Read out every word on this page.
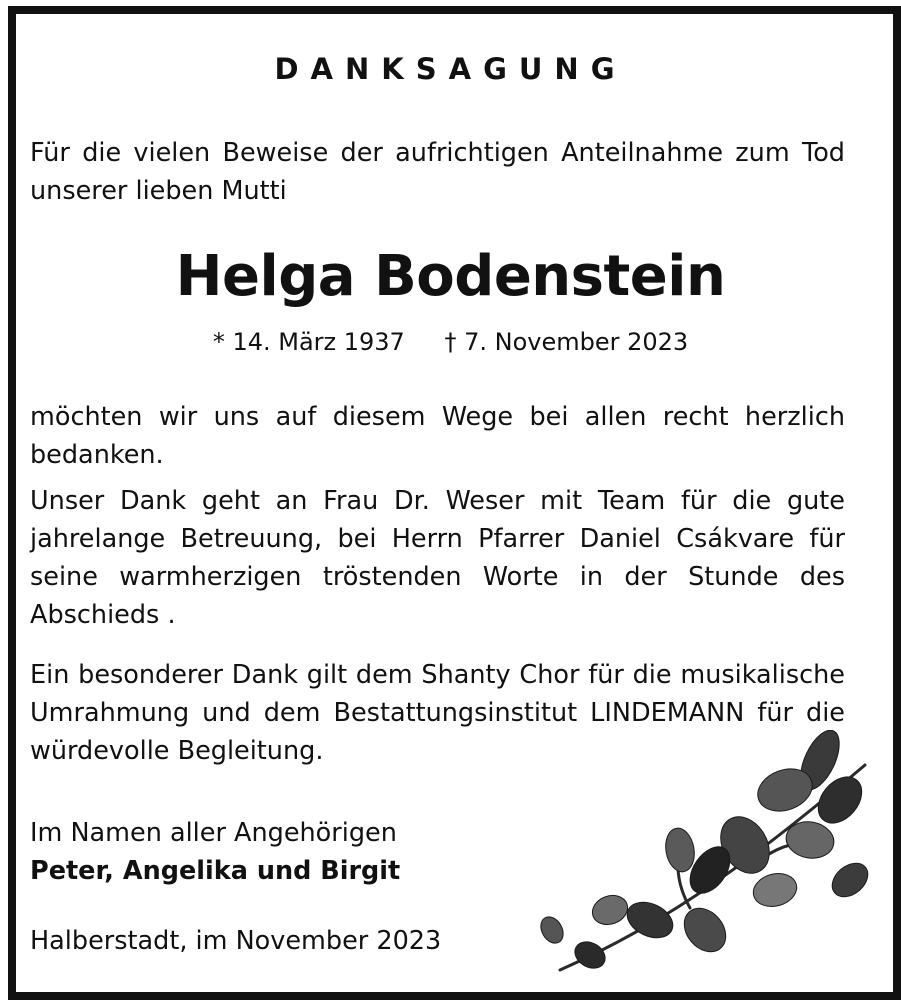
DANKSAGUNG
Für die vielen Beweise der aufrichtigen Anteilnahme zum Tod unserer lieben Mutti
Helga Bodenstein
* 14. März 1937 † 7. November 2023
möchten wir uns auf diesem Wege bei allen recht herzlich bedanken.
Unser Dank geht an Frau Dr. Weser mit Team für die gute jahrelange Betreuung, bei Herrn Pfarrer Daniel Csákvare für seine warmherzigen tröstenden Worte in der Stunde des Abschieds .
Ein besonderer Dank gilt dem Shanty Chor für die musikalische Umrahmung und dem Bestattungsinstitut LINDEMANN für die würdevolle Begleitung.
Im Namen aller Angehörigen
Peter, Angelika und Birgit
Halberstadt, im November 2023
